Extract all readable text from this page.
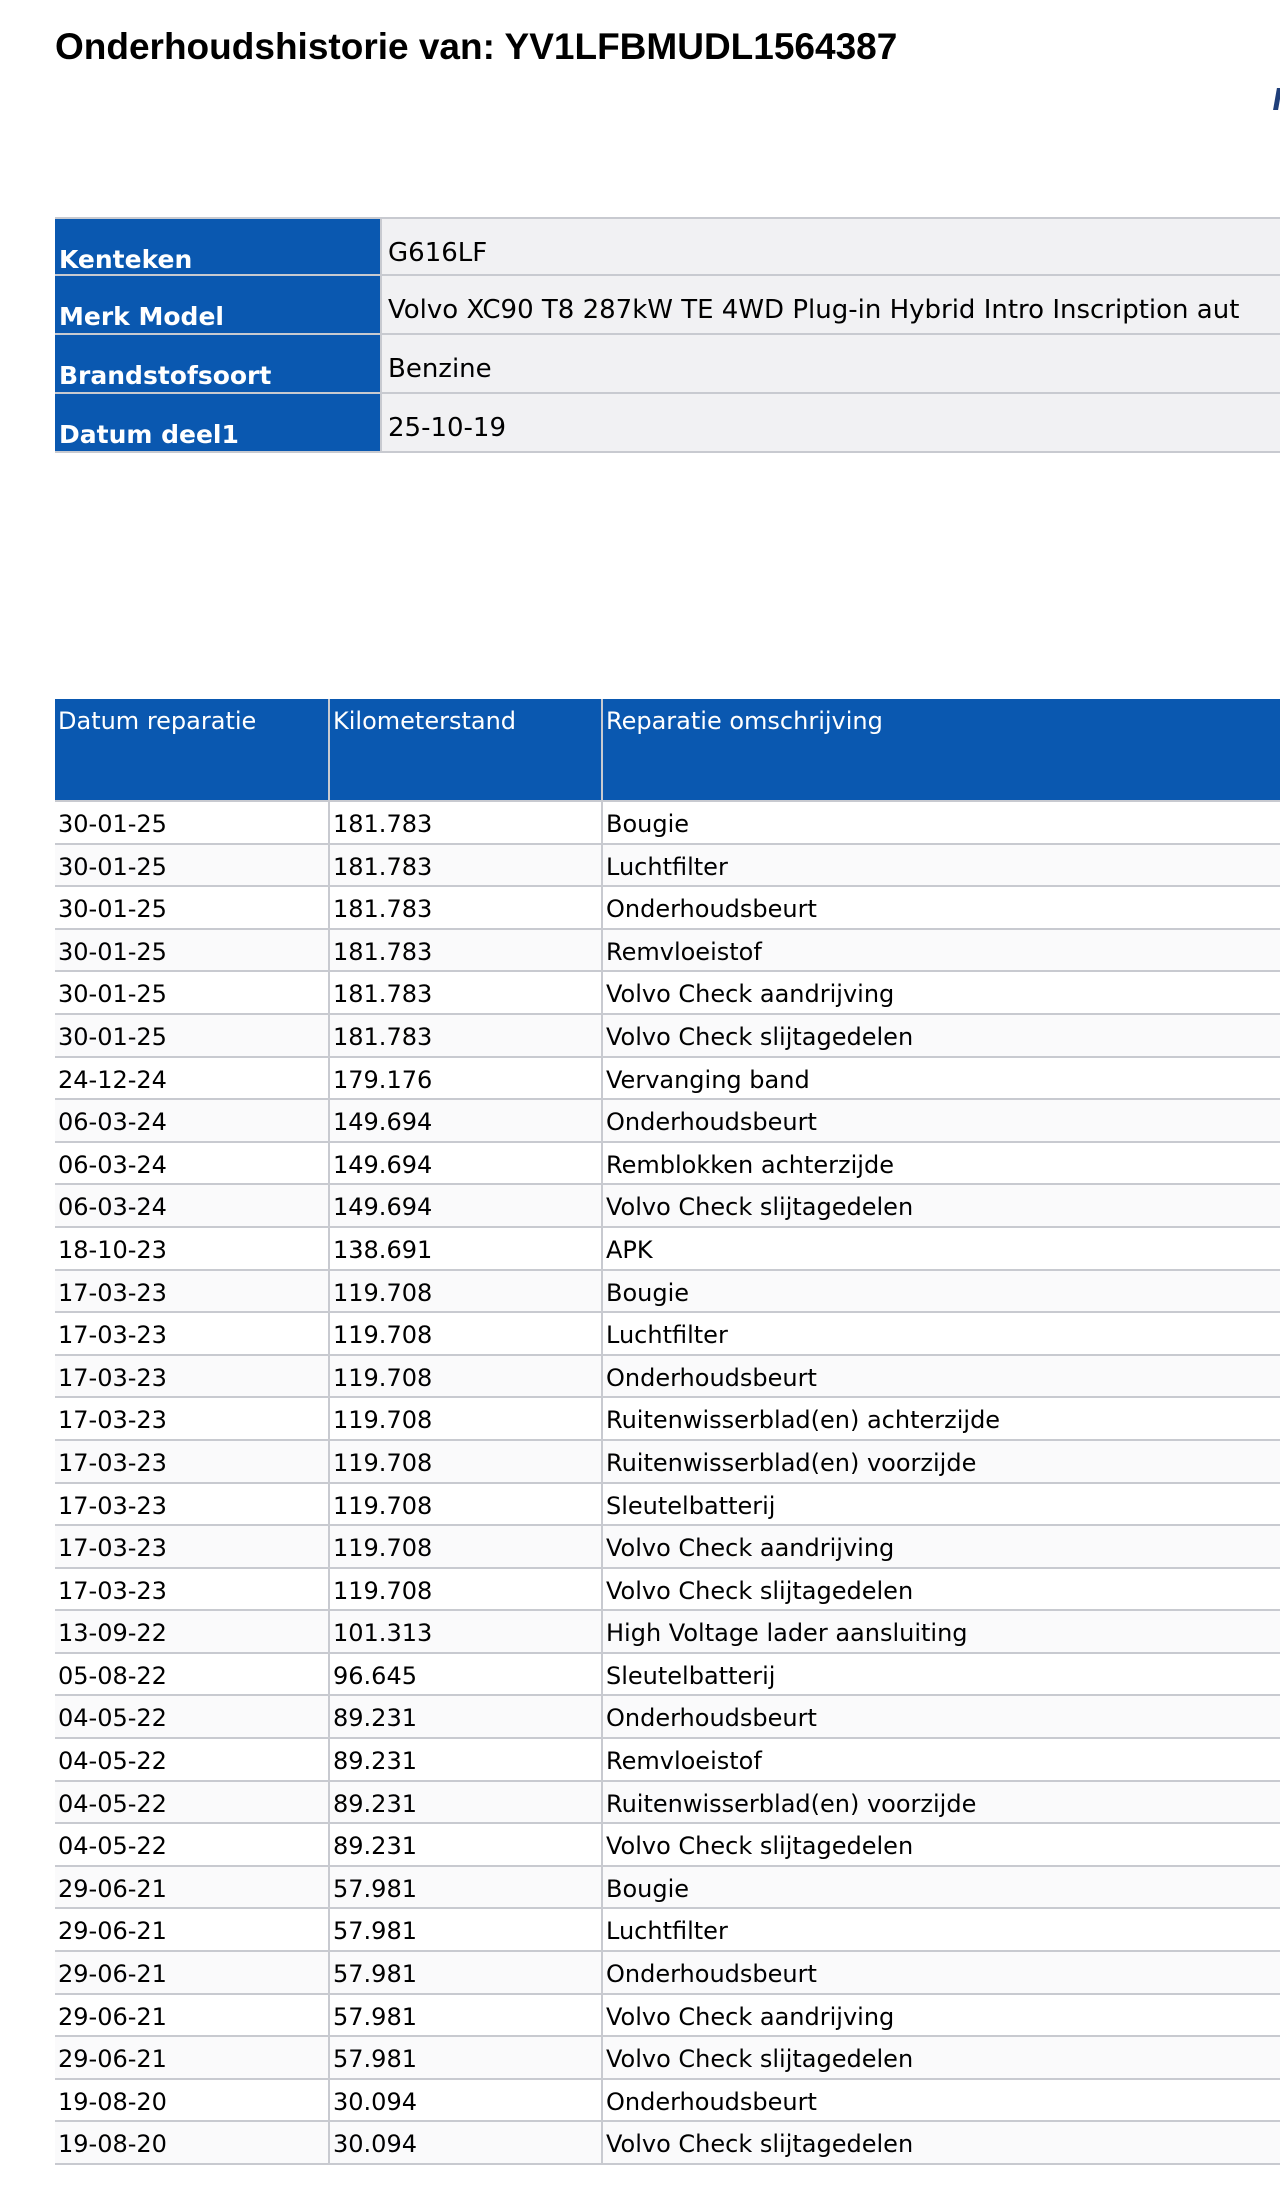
Onderhoudshistorie van: YV1LFBMUDL1564387
Kenteken	G616LF
Merk Model	Volvo XC90 T8 287kW TE 4WD Plug-in Hybrid Intro Inscription aut
Brandstofsoort	Benzine
Datum deel1	25-10-19
Datum reparatie	Kilometerstand	Reparatie omschrijving
30-01-25	181.783	Bougie
30-01-25	181.783	Luchtfilter
30-01-25	181.783	Onderhoudsbeurt
30-01-25	181.783	Remvloeistof
30-01-25	181.783	Volvo Check aandrijving
30-01-25	181.783	Volvo Check slijtagedelen
24-12-24	179.176	Vervanging band
06-03-24	149.694	Onderhoudsbeurt
06-03-24	149.694	Remblokken achterzijde
06-03-24	149.694	Volvo Check slijtagedelen
18-10-23	138.691	APK
17-03-23	119.708	Bougie
17-03-23	119.708	Luchtfilter
17-03-23	119.708	Onderhoudsbeurt
17-03-23	119.708	Ruitenwisserblad(en) achterzijde
17-03-23	119.708	Ruitenwisserblad(en) voorzijde
17-03-23	119.708	Sleutelbatterij
17-03-23	119.708	Volvo Check aandrijving
17-03-23	119.708	Volvo Check slijtagedelen
13-09-22	101.313	High Voltage lader aansluiting
05-08-22	96.645	Sleutelbatterij
04-05-22	89.231	Onderhoudsbeurt
04-05-22	89.231	Remvloeistof
04-05-22	89.231	Ruitenwisserblad(en) voorzijde
04-05-22	89.231	Volvo Check slijtagedelen
29-06-21	57.981	Bougie
29-06-21	57.981	Luchtfilter
29-06-21	57.981	Onderhoudsbeurt
29-06-21	57.981	Volvo Check aandrijving
29-06-21	57.981	Volvo Check slijtagedelen
19-08-20	30.094	Onderhoudsbeurt
19-08-20	30.094	Volvo Check slijtagedelen
